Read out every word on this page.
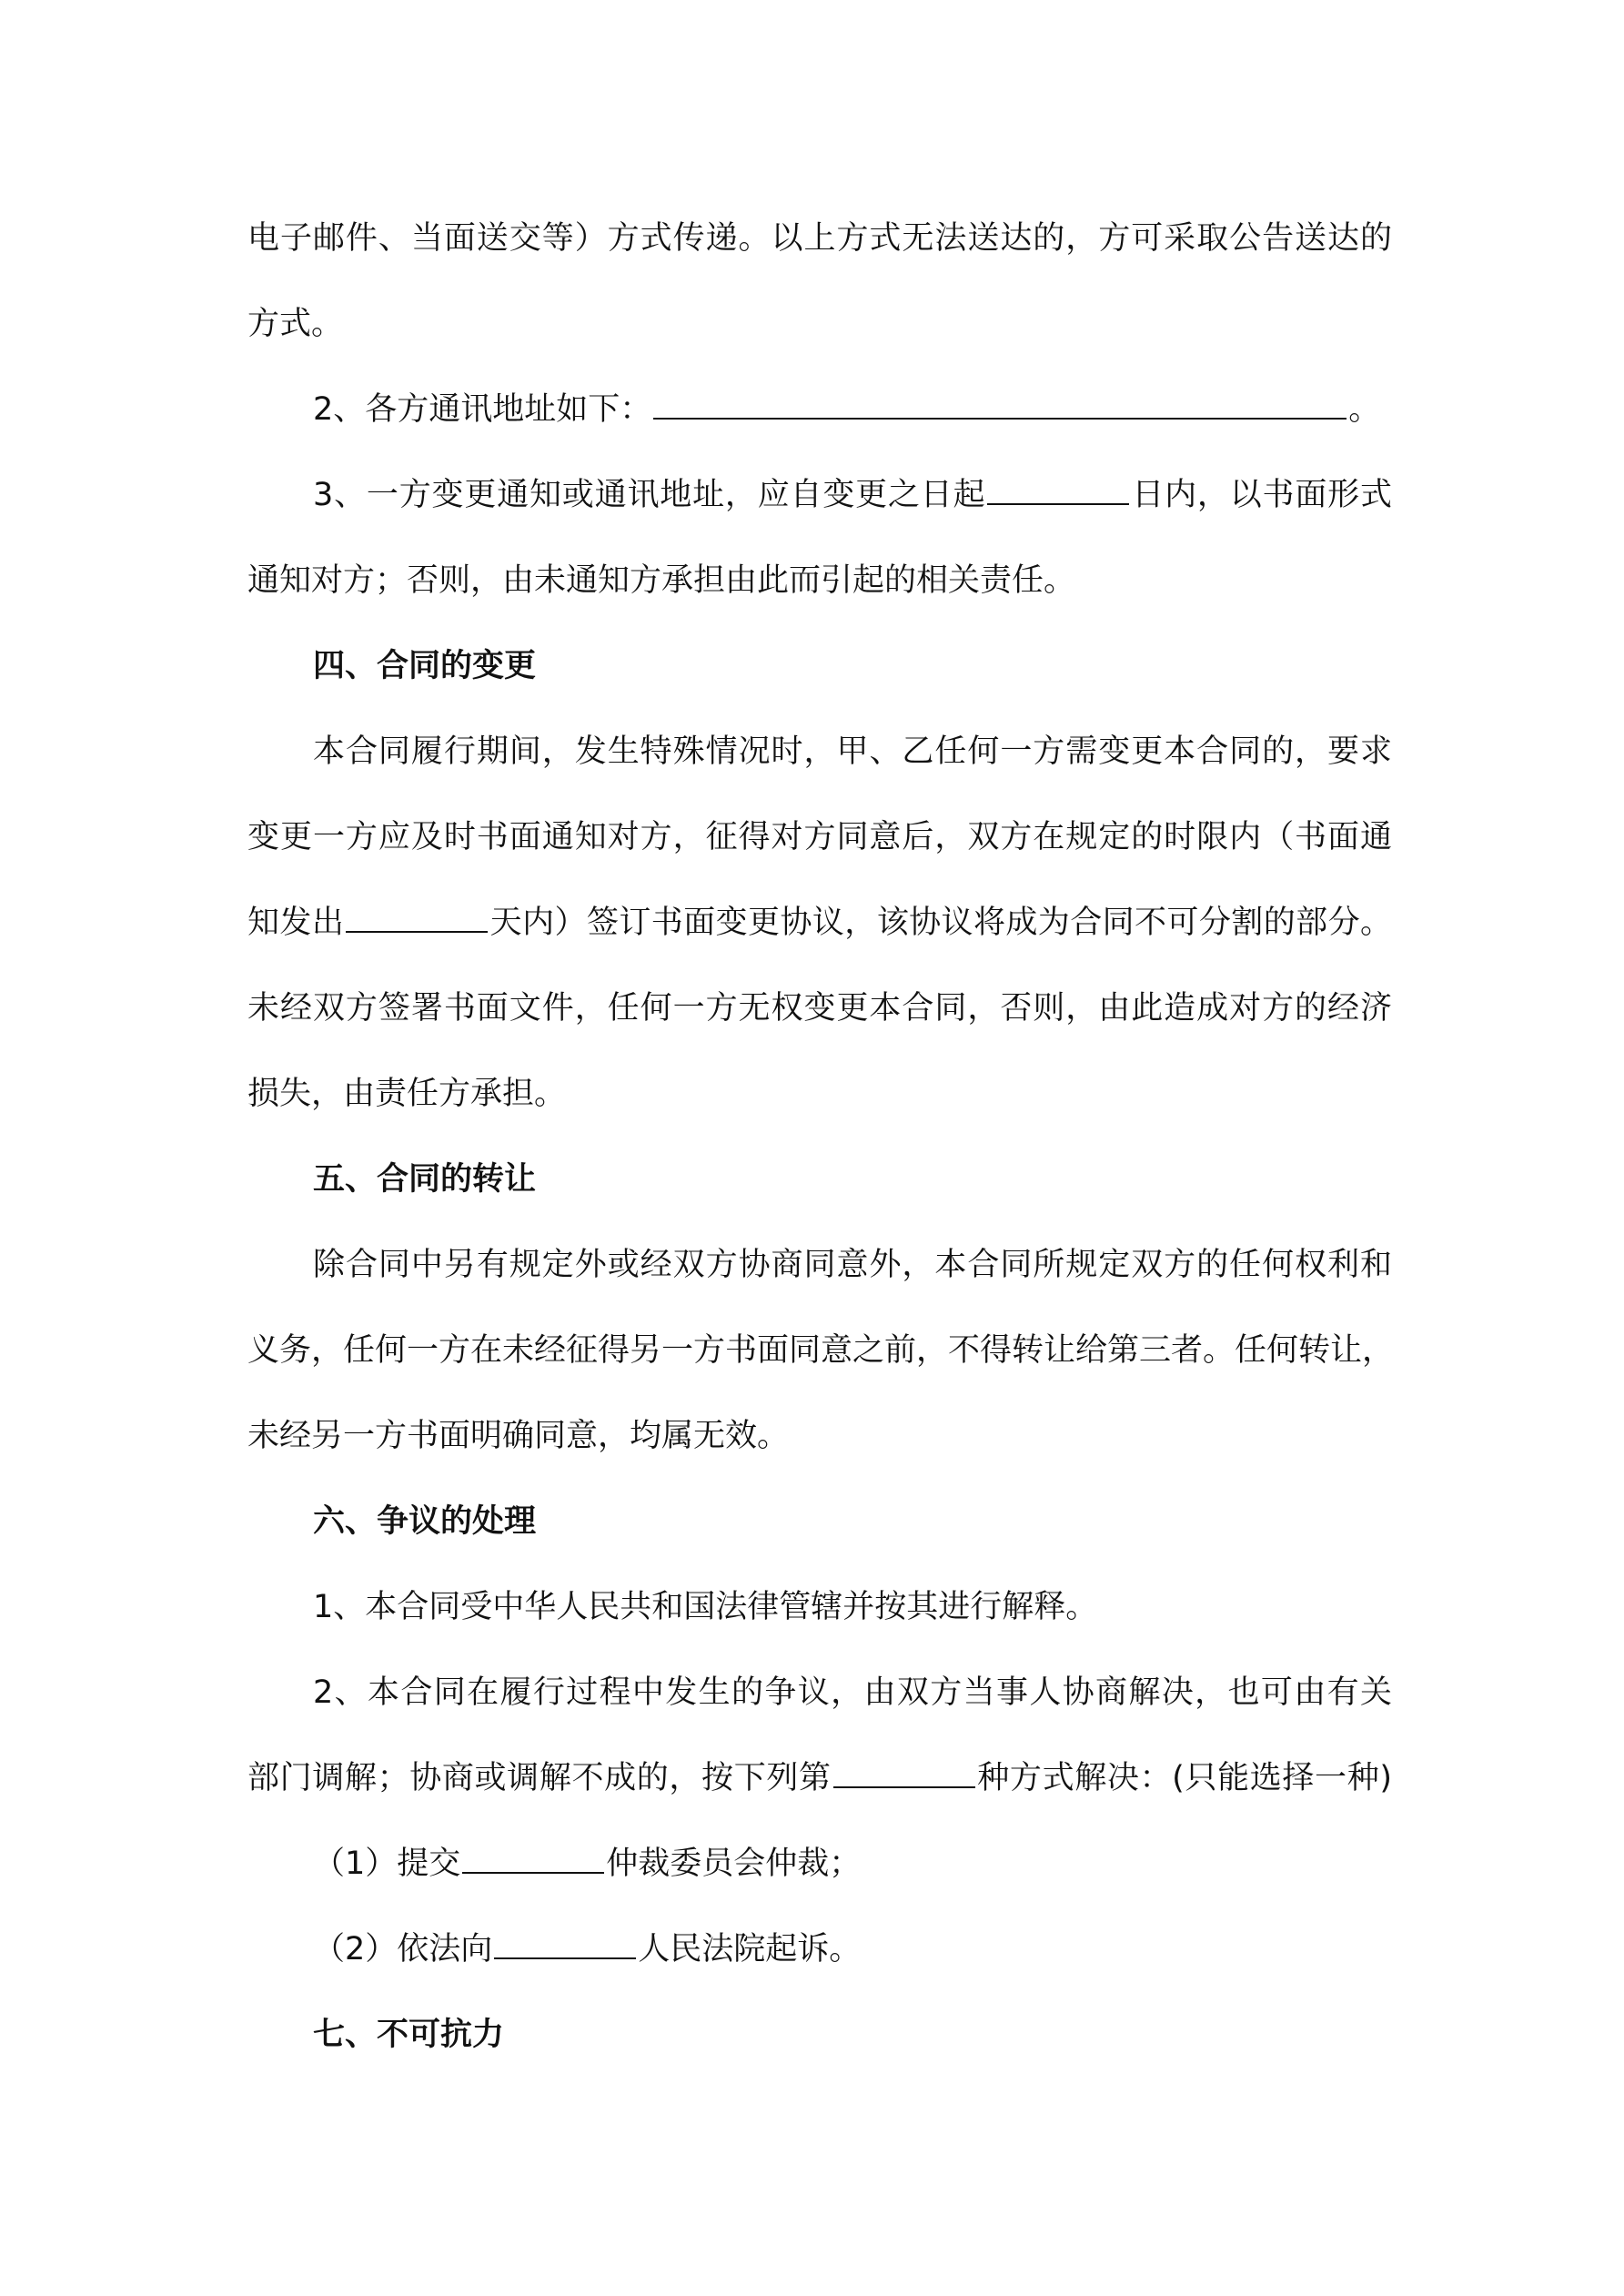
电子邮件、当面送交等）方式传递。以上方式无法送达的，方可采取公告送达的
方式。
2、各方通讯地址如下：	。
3、一方变更通知或通讯地址，应自变更之日起	日内，以书面形式
通知对方；否则，由未通知方承担由此而引起的相关责任。
四、合同的变更
本合同履行期间，发生特殊情况时，甲、乙任何一方需变更本合同的，要求
变更一方应及时书面通知对方，征得对方同意后，双方在规定的时限内（书面通
知发出	天内）签订书面变更协议，该协议将成为合同不可分割的部分。
未经双方签署书面文件，任何一方无权变更本合同，否则，由此造成对方的经济
损失，由责任方承担。
五、合同的转让
除合同中另有规定外或经双方协商同意外，本合同所规定双方的任何权利和
义务，任何一方在未经征得另一方书面同意之前，不得转让给第三者。任何转让，
未经另一方书面明确同意，均属无效。
六、争议的处理
1、本合同受中华人民共和国法律管辖并按其进行解释。
2、本合同在履行过程中发生的争议，由双方当事人协商解决，也可由有关
部门调解；协商或调解不成的，按下列第	种方式解决：(只能选择一种)
（1）提交	仲裁委员会仲裁；
（2）依法向	人民法院起诉。
七、不可抗力
